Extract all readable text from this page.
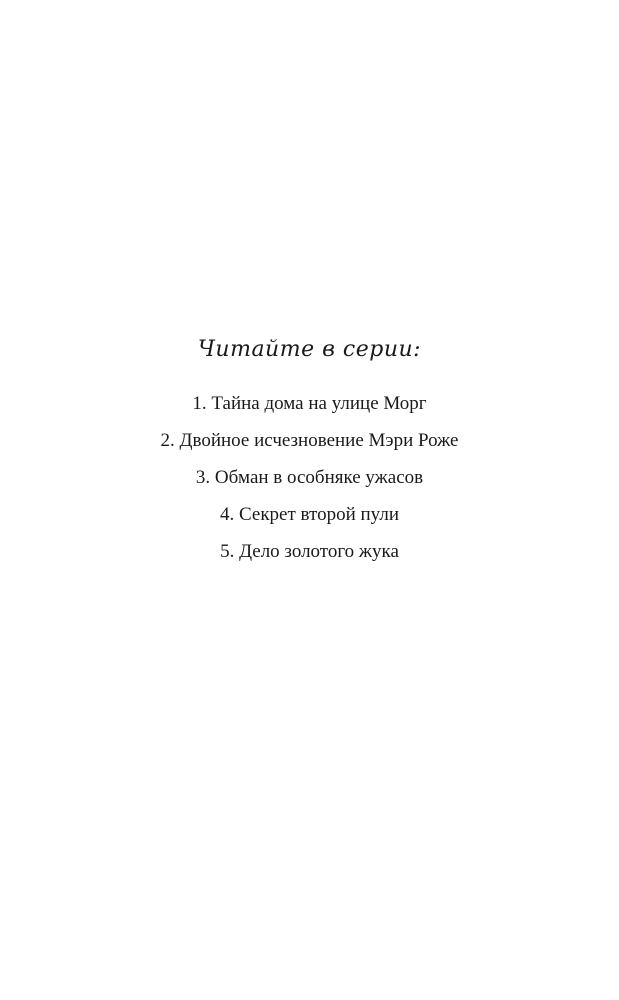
Читайте в серии:
1. Тайна дома на улице Морг
2. Двойное исчезновение Мэри Роже
3. Обман в особняке ужасов
4. Секрет второй пули
5. Дело золотого жука
